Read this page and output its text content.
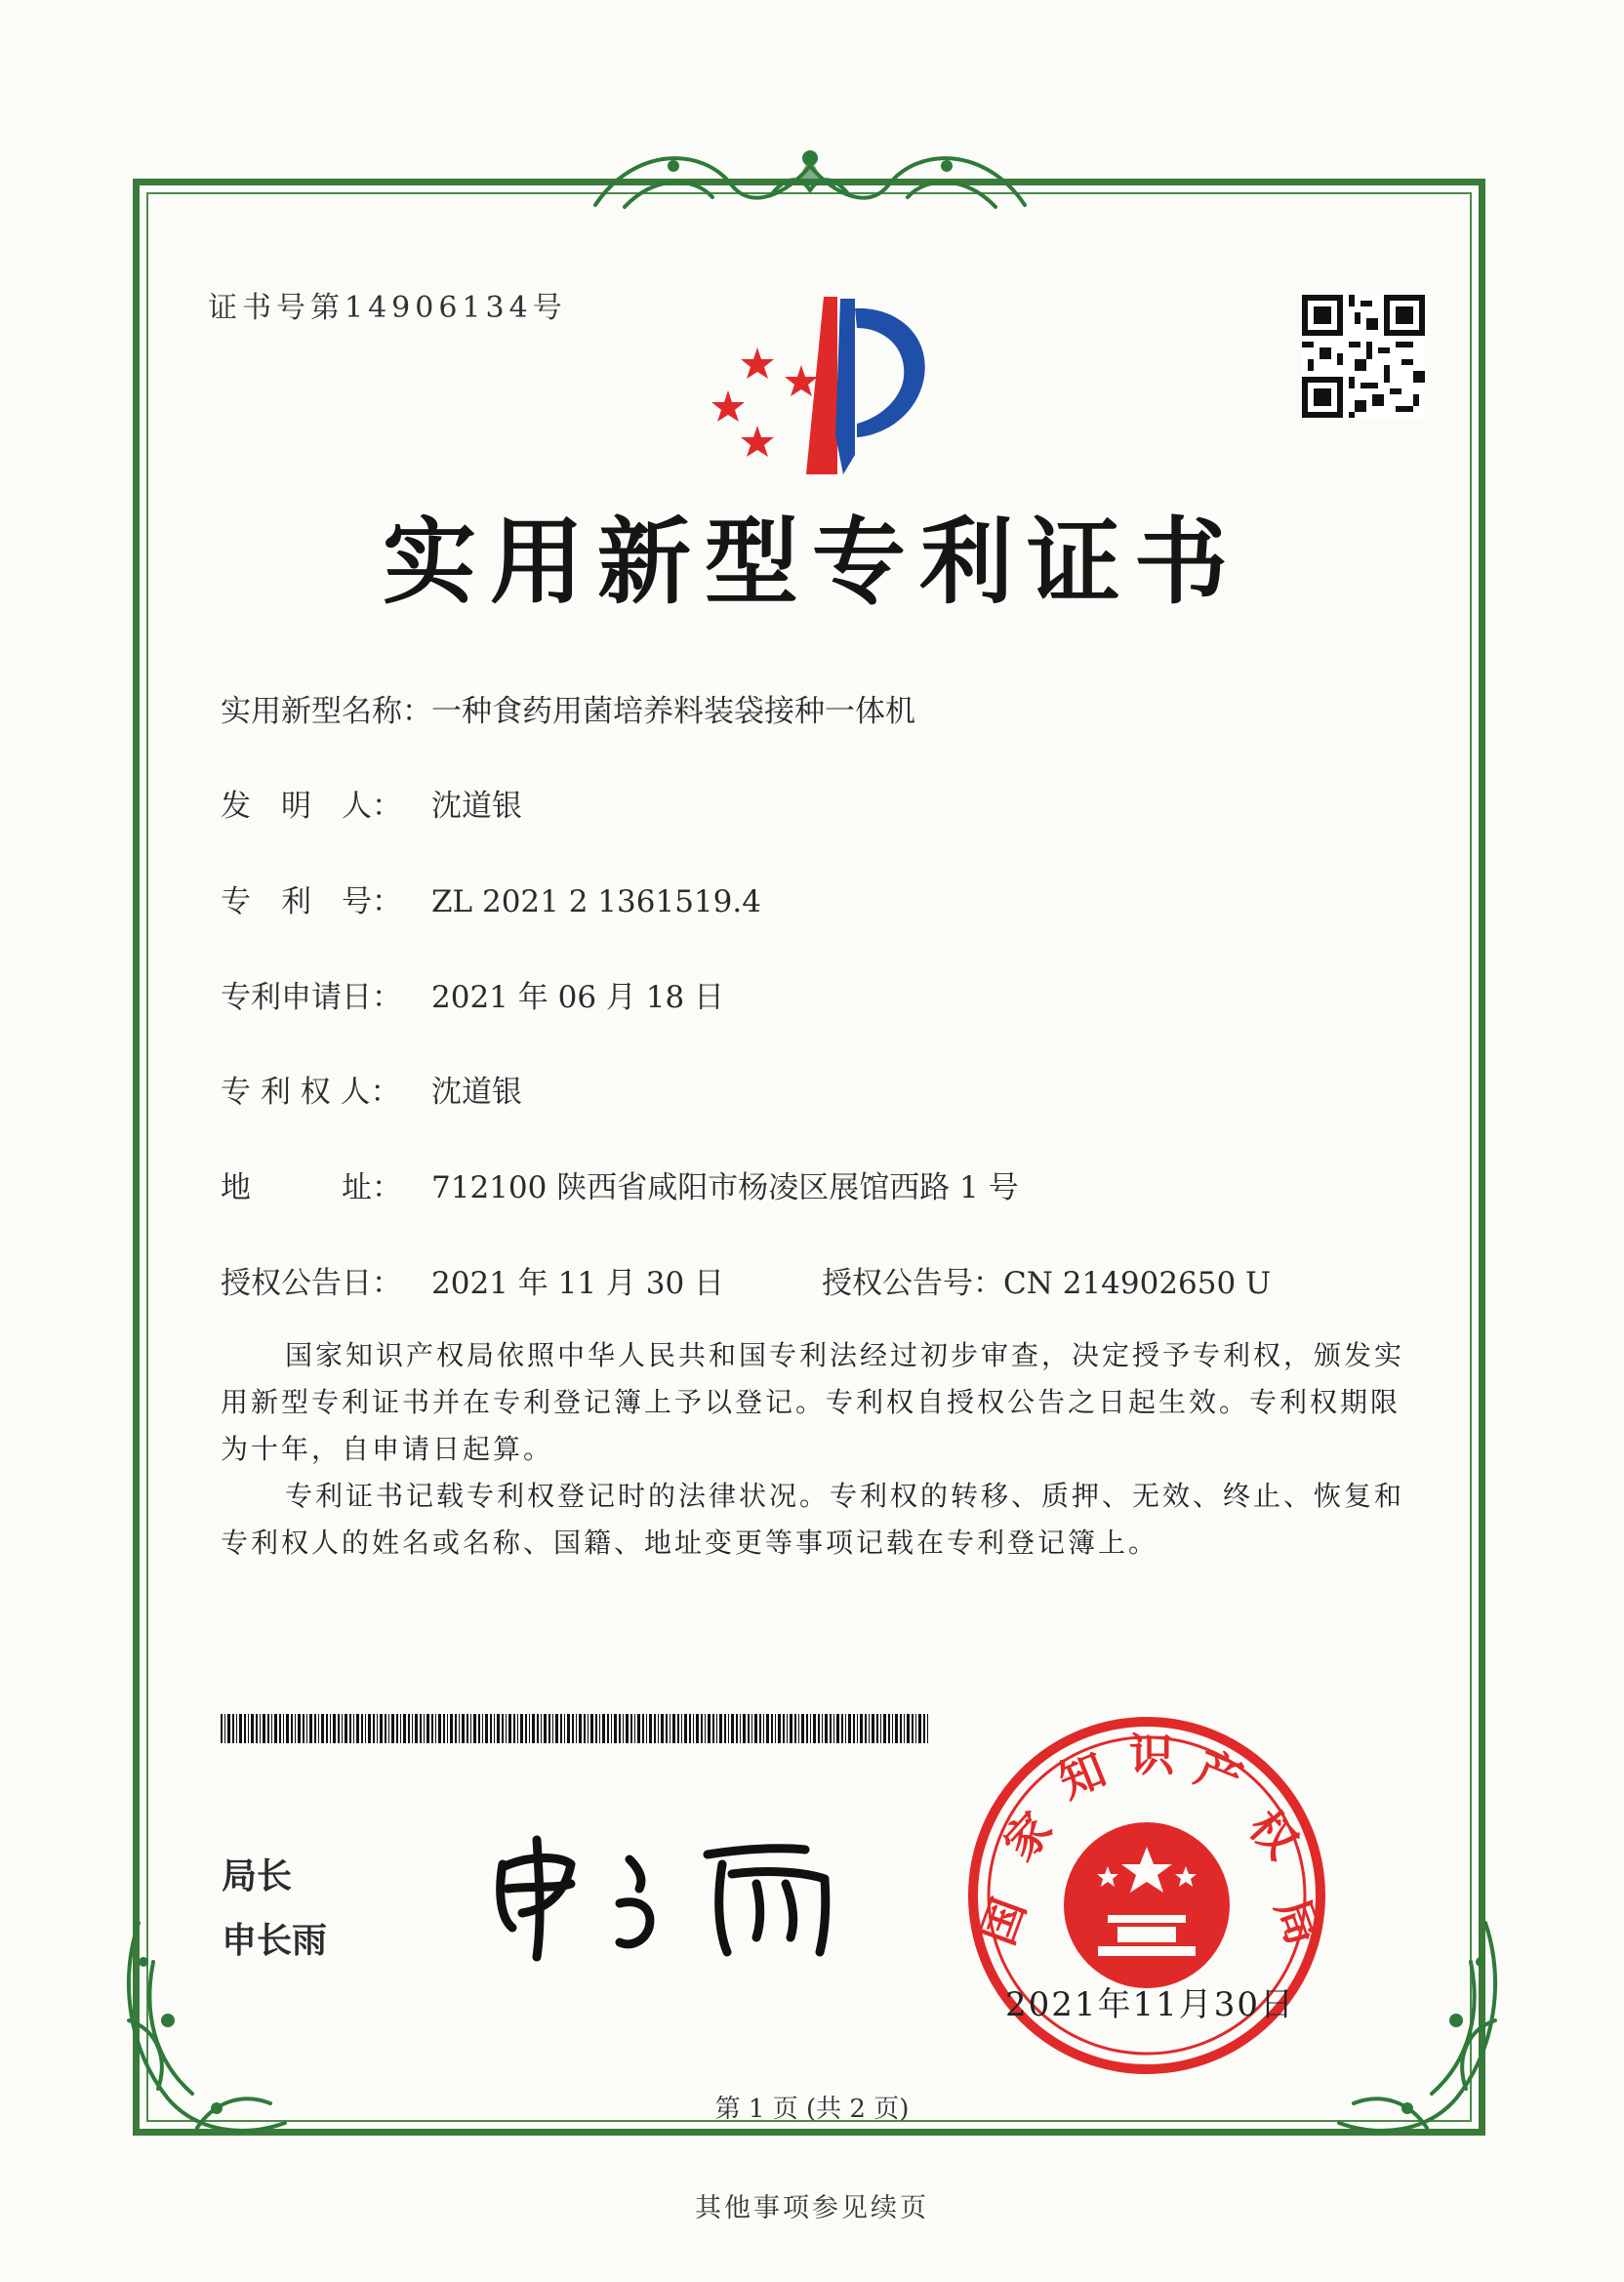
证书号第14906134号
实用新型专利证书
实用新型名称：一种食药用菌培养料装袋接种一体机
发　明　人： 沈道银
专　利　号： ZL 2021 2 1361519.4
专利申请日： 2021 年 06 月 18 日
专 利 权 人： 沈道银
地　　　址： 712100 陕西省咸阳市杨凌区展馆西路 1 号
授权公告日： 2021 年 11 月 30 日	授权公告号：CN 214902650 U
国家知识产权局依照中华人民共和国专利法经过初步审查，决定授予专利权，颁发实用新型专利证书并在专利登记簿上予以登记。专利权自授权公告之日起生效。专利权期限为十年，自申请日起算。
专利证书记载专利权登记时的法律状况。专利权的转移、质押、无效、终止、恢复和专利权人的姓名或名称、国籍、地址变更等事项记载在专利登记簿上。
局长
申长雨	国
家
知 识 产
权
局
2021年11月30日
第 1 页 (共 2 页)
其他事项参见续页
